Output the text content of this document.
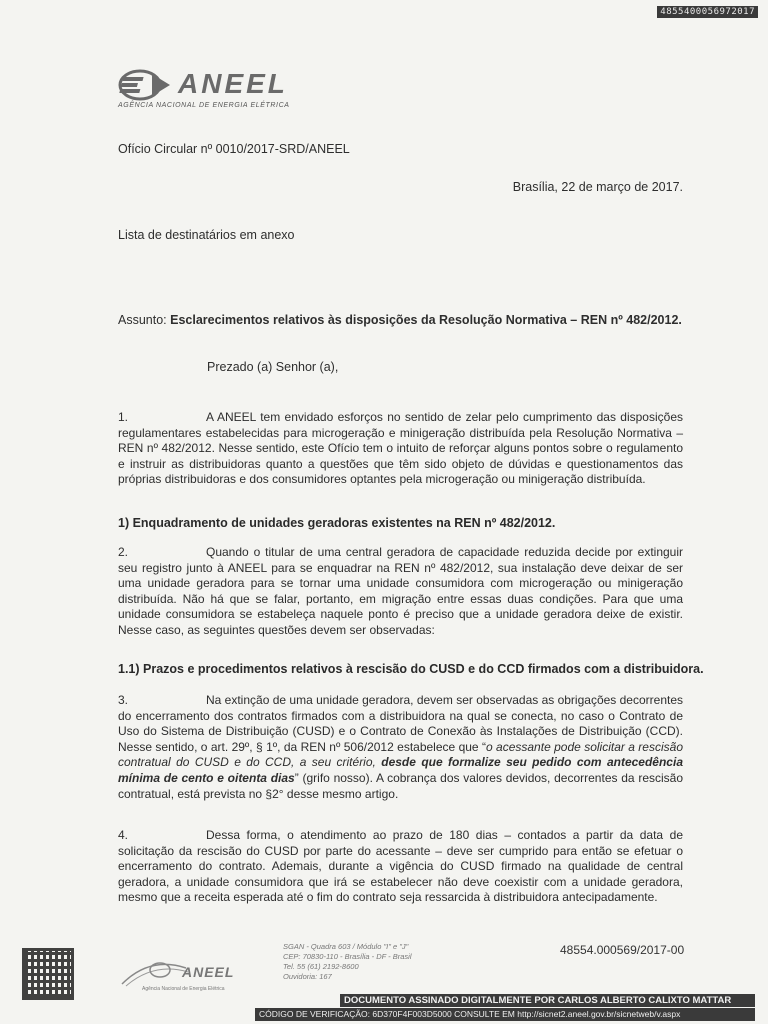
4855400056972017
ANEEL
AGÊNCIA NACIONAL DE ENERGIA ELÉTRICA
Ofício Circular nº 0010/2017-SRD/ANEEL
Brasília, 22 de março de 2017.
Lista de destinatários em anexo
Assunto: Esclarecimentos relativos às disposições da Resolução Normativa – REN nº 482/2012.
Prezado (a) Senhor (a),
1.	A ANEEL tem envidado esforços no sentido de zelar pelo cumprimento das disposições regulamentares estabelecidas para microgeração e minigeração distribuída pela Resolução Normativa – REN nº 482/2012. Nesse sentido, este Ofício tem o intuito de reforçar alguns pontos sobre o regulamento e instruir as distribuidoras quanto a questões que têm sido objeto de dúvidas e questionamentos das próprias distribuidoras e dos consumidores optantes pela microgeração ou minigeração distribuída.
1) Enquadramento de unidades geradoras existentes na REN nº 482/2012.
2.	Quando o titular de uma central geradora de capacidade reduzida decide por extinguir seu registro junto à ANEEL para se enquadrar na REN nº 482/2012, sua instalação deve deixar de ser uma unidade geradora para se tornar uma unidade consumidora com microgeração ou minigeração distribuída. Não há que se falar, portanto, em migração entre essas duas condições. Para que uma unidade consumidora se estabeleça naquele ponto é preciso que a unidade geradora deixe de existir. Nesse caso, as seguintes questões devem ser observadas:
1.1) Prazos e procedimentos relativos à rescisão do CUSD e do CCD firmados com a distribuidora.
3.	Na extinção de uma unidade geradora, devem ser observadas as obrigações decorrentes do encerramento dos contratos firmados com a distribuidora na qual se conecta, no caso o Contrato de Uso do Sistema de Distribuição (CUSD) e o Contrato de Conexão às Instalações de Distribuição (CCD). Nesse sentido, o art. 29º, § 1º, da REN nº 506/2012 estabelece que “o acessante pode solicitar a rescisão contratual do CUSD e do CCD, a seu critério, desde que formalize seu pedido com antecedência mínima de cento e oitenta dias” (grifo nosso). A cobrança dos valores devidos, decorrentes da rescisão contratual, está prevista no §2° desse mesmo artigo.
4.	Dessa forma, o atendimento ao prazo de 180 dias – contados a partir da data de solicitação da rescisão do CUSD por parte do acessante – deve ser cumprido para então se efetuar o encerramento do contrato. Ademais, durante a vigência do CUSD firmado na qualidade de central geradora, a unidade consumidora que irá se estabelecer não deve coexistir com a unidade geradora, mesmo que a receita esperada até o fim do contrato seja ressarcida à distribuidora antecipadamente.
ANEEL
Agência Nacional de Energia Elétrica
SGAN - Quadra 603 / Módulo "I" e "J"
CEP: 70830-110 - Brasília - DF - Brasil
Tel. 55 (61) 2192-8600
Ouvidoria: 167
48554.000569/2017-00
DOCUMENTO ASSINADO DIGITALMENTE POR CARLOS ALBERTO CALIXTO MATTAR
CÓDIGO DE VERIFICAÇÃO: 6D370F4F003D5000 CONSULTE EM http://sicnet2.aneel.gov.br/sicnetweb/v.aspx
